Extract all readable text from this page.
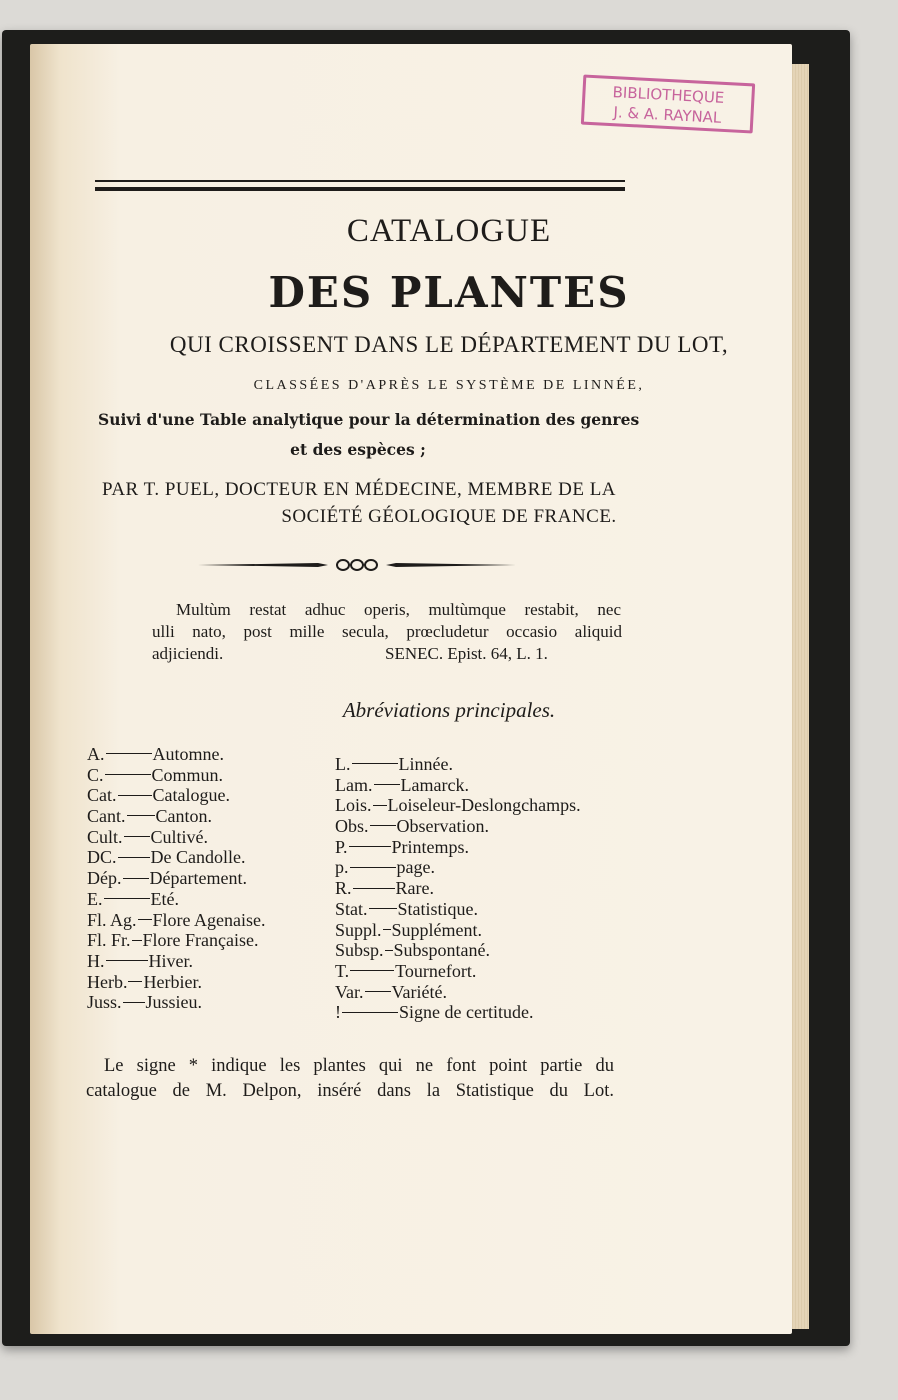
BIBLIOTHEQUE
J. & A. RAYNAL
CATALOGUE
DES PLANTES
QUI CROISSENT DANS LE DÉPARTEMENT DU LOT,
CLASSÉES D'APRÈS LE SYSTÈME DE LINNÉE,
Suivi d'une Table analytique pour la détermination des genres
et des espèces ;
PAR T. PUEL, DOCTEUR EN MÉDECINE, MEMBRE DE LA
SOCIÉTÉ GÉOLOGIQUE DE FRANCE.
Multùm restat adhuc operis, multùmque restabit, nec
ulli nato, post mille secula, prœcludetur occasio aliquid
adjiciendi.	SENEC. Epist. 64, L. 1.
Abréviations principales.
A.	Automne.
C.	Commun.
Cat. Catalogue.
Cant. Canton.
Cult. Cultivé.
DC. De Candolle.
Dép. Département.
E.	Eté.
Fl. Ag. Flore Agenaise.
Fl. Fr. Flore Française.
H. Hiver.
Herb. Herbier.
Juss. Jussieu.
L.	Linnée.
Lam. Lamarck.
Lois. Loiseleur-Deslongchamps.
Obs. Observation.
P. Printemps.
p.	page.
R. Rare.
Stat. Statistique.
Suppl. Supplément.
Subsp. Subspontané.
T.	Tournefort.
Var. Variété.
!	Signe de certitude.
Le signe * indique les plantes qui ne font point partie du
catalogue de M. Delpon, inséré dans la Statistique du Lot.
